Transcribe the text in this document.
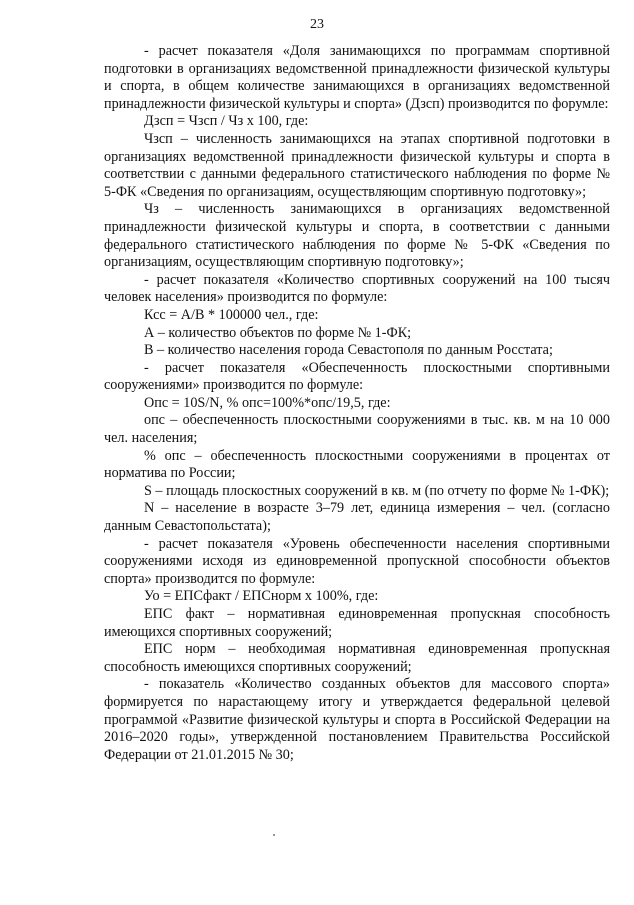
23

- расчет показателя «Доля занимающихся по программам спортивной подготовки в организациях ведомственной принадлежности физической культуры и спорта, в общем количестве занимающихся в организациях ведомственной принадлежности физической культуры и спорта» (Дзсп) производится по форумле:

Дзсп = Чзсп / Чз х 100, где:

Чзсп – численность занимающихся на этапах спортивной подготовки в организациях ведомственной принадлежности физической культуры и спорта в соответствии с данными федерального статистического наблюдения по форме № 5-ФК «Сведения по организациям, осуществляющим спортивную подготовку»;

Чз – численность занимающихся в организациях ведомственной принадлежности физической культуры и спорта, в соответствии с данными федерального статистического наблюдения по форме № 5-ФК «Сведения по организациям, осуществляющим спортивную подготовку»;

- расчет показателя «Количество спортивных сооружений на 100 тысяч человек населения» производится по формуле:

Ксс = А/В * 100000 чел., где:

А – количество объектов по форме № 1-ФК;

В – количество населения города Севастополя по данным Росстата;

- расчет показателя «Обеспеченность плоскостными спортивными сооружениями» производится по формуле:

Опс = 10S/N, % опс=100%*опс/19,5, где:

опс – обеспеченность плоскостными сооружениями в тыс. кв. м на 10 000 чел. населения;

% опс – обеспеченность плоскостными сооружениями в процентах от норматива по России;

S – площадь плоскостных сооружений в кв. м (по отчету по форме № 1-ФК);

N – население в возрасте 3–79 лет, единица измерения – чел. (согласно данным Севастопольстата);

- расчет показателя «Уровень обеспеченности населения спортивными сооружениями исходя из единовременной пропускной способности объектов спорта» производится по формуле:

Уо = ЕПСфакт / ЕПСнорм х 100%, где:

ЕПС факт – нормативная единовременная пропускная способность имеющихся спортивных сооружений;

ЕПС норм – необходимая нормативная единовременная пропускная способность имеющихся спортивных сооружений;

- показатель «Количество созданных объектов для массового спорта» формируется по нарастающему итогу и утверждается федеральной целевой программой «Развитие физической культуры и спорта в Российской Федерации на 2016–2020 годы», утвержденной постановлением Правительства Российской Федерации от 21.01.2015 № 30;
